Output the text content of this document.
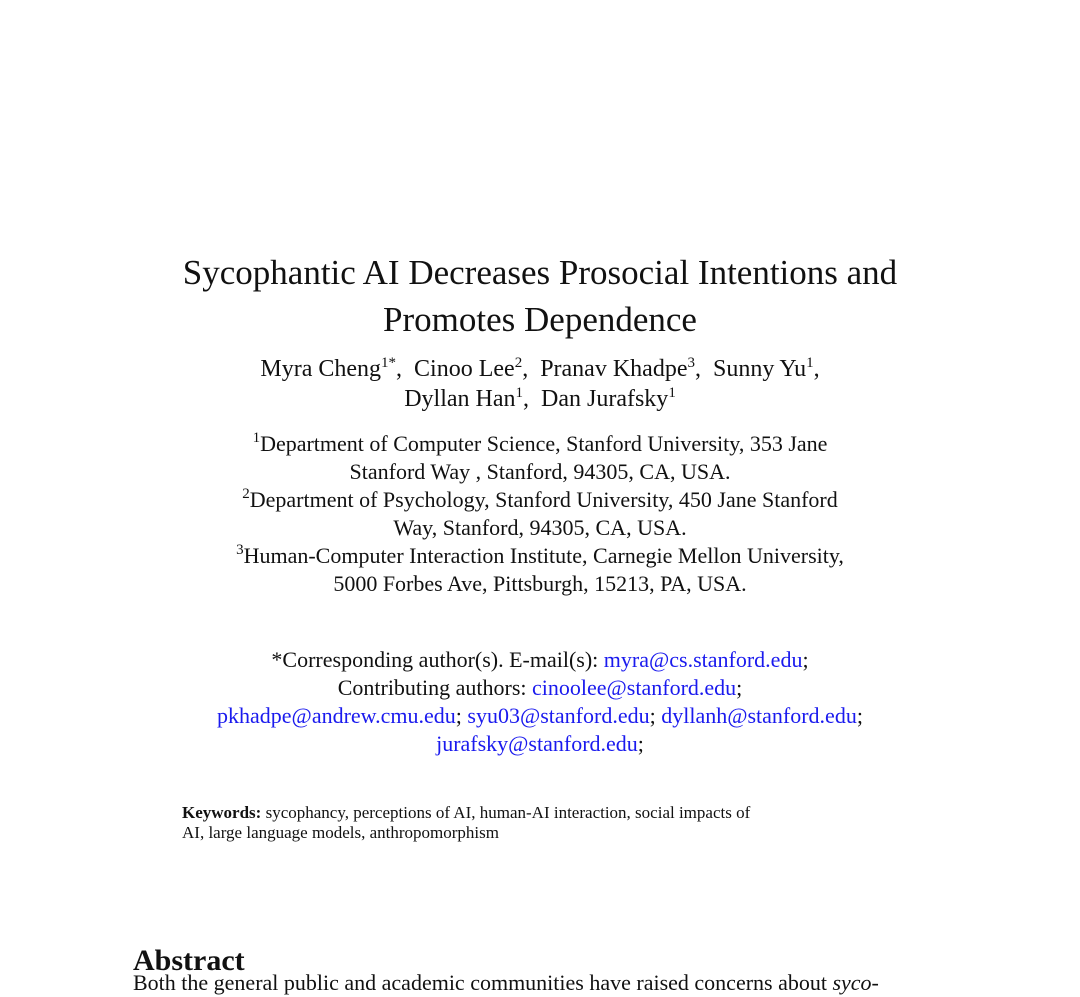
Sycophantic AI Decreases Prosocial Intentions and
Promotes Dependence
Myra Cheng$^{1*}$,  Cinoo Lee$^2$,  Pranav Khadpe$^3$,  Sunny Yu$^1$,
Dyllan Han$^1$,  Dan Jurafsky$^1$
$^1$Department of Computer Science, Stanford University, 353 Jane
Stanford Way , Stanford, 94305, CA, USA.
$^2$Department of Psychology, Stanford University, 450 Jane Stanford
Way, Stanford, 94305, CA, USA.
$^3$Human-Computer Interaction Institute, Carnegie Mellon University,
5000 Forbes Ave, Pittsburgh, 15213, PA, USA.
*Corresponding author(s). E-mail(s): myra@cs.stanford.edu;
Contributing authors: cinoolee@stanford.edu;
pkhadpe@andrew.cmu.edu; syu03@stanford.edu; dyllanh@stanford.edu;
jurafsky@stanford.edu;
Keywords: sycophancy, perceptions of AI, human-AI interaction, social impacts of
AI, large language models, anthropomorphism
Abstract
Both the general public and academic communities have raised concerns about syco-
